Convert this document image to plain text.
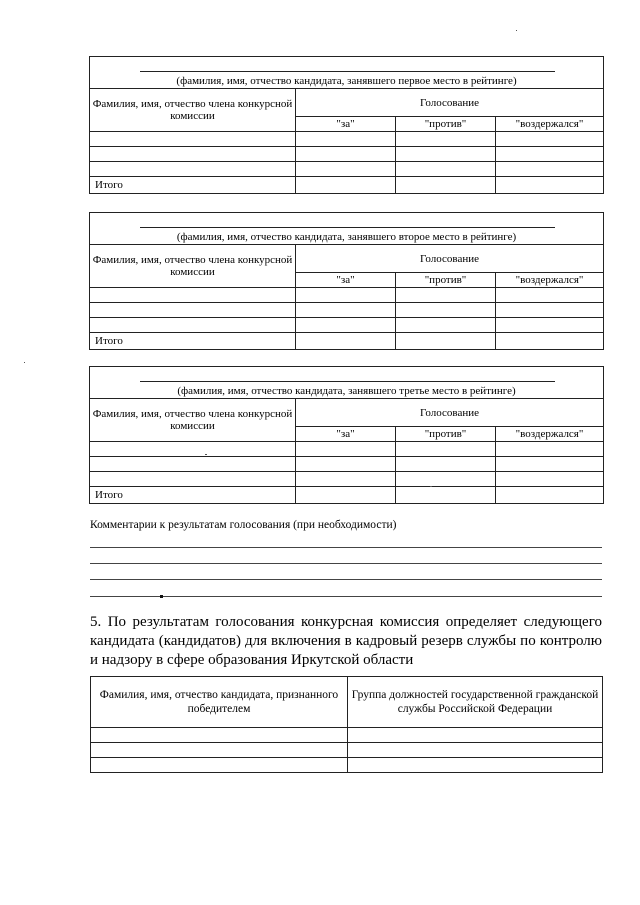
(фамилия, имя, отчество кандидата, занявшего первое место в рейтинге)			
Фамилия, имя, отчество члена конкурсной комиссии	Голосование		
	"за"	"против"	"воздержался"

Итого			
(фамилия, имя, отчество кандидата, занявшего второе место в рейтинге)			
Фамилия, имя, отчество члена конкурсной комиссии	Голосование		
	"за"	"против"	"воздержался"

Итого			
(фамилия, имя, отчество кандидата, занявшего третье место в рейтинге)			
Фамилия, имя, отчество члена конкурсной комиссии	Голосование		
	"за"	"против"	"воздержался"

Итого			
Комментарии к результатам голосования (при необходимости)
5. По результатам голосования конкурсная комиссия определяет следующего кандидата (кандидатов) для включения в кадровый резерв службы по контролю и надзору в сфере образования Иркутской области
Фамилия, имя, отчество кандидата, признанного победителем	Группа должностей государственной гражданской службы Российской Федерации
